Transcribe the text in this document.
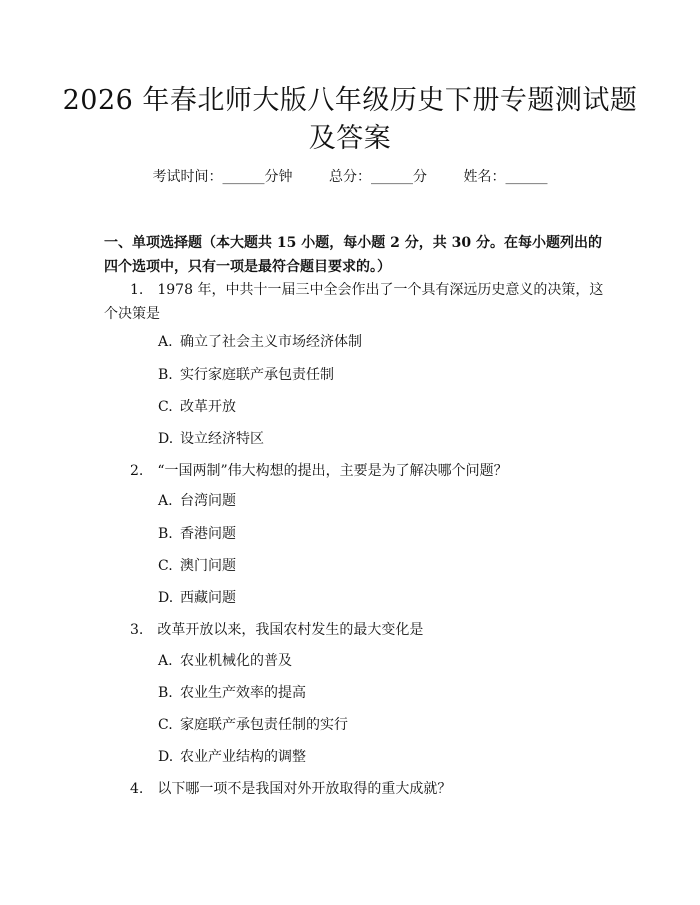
2026 年春北师大版八年级历史下册专题测试题及答案
考试时间：______分钟	总分：______分	姓名：______
一、单项选择题（本大题共 15 小题，每小题 2 分，共 30 分。在每小题列出的四个选项中，只有一项是最符合题目要求的。）
1. 1978 年，中共十一届三中全会作出了一个具有深远历史意义的决策，这个决策是
A. 确立了社会主义市场经济体制
B. 实行家庭联产承包责任制
C. 改革开放
D. 设立经济特区
2. “一国两制”伟大构想的提出，主要是为了解决哪个问题？
A. 台湾问题
B. 香港问题
C. 澳门问题
D. 西藏问题
3. 改革开放以来，我国农村发生的最大变化是
A. 农业机械化的普及
B. 农业生产效率的提高
C. 家庭联产承包责任制的实行
D. 农业产业结构的调整
4. 以下哪一项不是我国对外开放取得的重大成就？
